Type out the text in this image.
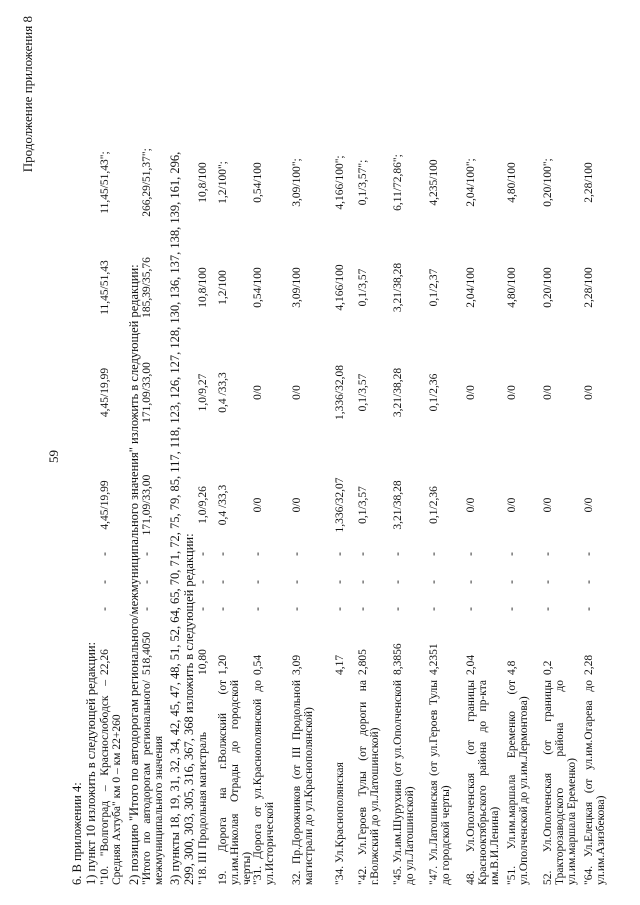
59
Продолжение приложения 8
6. В приложении 4: 1) пункт 10 изложить в следующей редакции: "10. "Волгоград – Краснослободск – Средняя Ахтуба" км 0 – км 22+260
22,26
-
-
-
4,45/19,99
4,45/19,99
11,45/51,43
11,45/51,43";
2) позицию "Итого по автодорогам регионального/межмуниципального значения" изложить в следующей редакции: "Итого по автодорогам регионального/ межмуниципального значения
518,4050
-
-
-
171,09/33,00
171,09/33,00
185,39/35,76
266,29/51,37"; 3) пункты 18, 19, 31, 32, 34, 42, 45, 47, 48, 51, 52, 64, 65, 70, 71, 72, 75, 79, 85, 117, 118, 123, 126, 127, 128, 130, 136, 137, 138, 139, 161, 296, 299, 300, 303, 305, 316, 367, 368 изложить в следующей редакции: "18. III Продольная магистраль
10,80
-
-
-
1,0/9,26
1,0/9,27
10,8/100
10,8/100
19. Дорога на г.Волжский (от ул.им.Николая Отрады до городской черты)
1,20
-
-
-
0,4 /33,3
0,4 /33,3
1,2/100
1,2/100";
"31. Дорога от ул.Краснополянской до ул.Исторической
0,54
-
-
-
0/0
0/0
0,54/100
0,54/100
32. Пр.Дорожников (от III Продольной магистрали до ул.Краснополянской)
3,09
-
-
-
0/0
0/0
3,09/100
3,09/100";
"34. Ул.Краснополянская
4,17
-
-
-
1,336/32,07
1,336/32,08
4,166/100
4,166/100";
"42. Ул.Героев Тулы (от дороги на г.Волжский до ул.Латошинской)
2,805
-
-
-
0,1/3,57
0,1/3,57
0,1/3,57
0,1/3,57";
"45. Ул.им.Шурухина (от ул.Ополченской до ул.Латошинской)
8,3856
-
-
-
3,21/38,28
3,21/38,28
3,21/38,28
6,11/72,86";
"47. Ул.Латошинская (от ул.Героев Тулы до городской черты)
4,2351
-
-
-
0,1/2,36
0,1/2,36
0,1/2,37
4,235/100
48. Ул.Ополченская (от границы Краснооктябрьского района до пр-кта им.В.И.Ленина)
2,04
-
-
-
0/0
0/0
2,04/100
2,04/100";
"51. Ул.им.маршала Еременко (от ул.Ополченской до ул.им.Лермонтова)
4,8
-
-
-
0/0
0/0
4,80/100
4,80/100
52. Ул.Ополченская (от границы Тракторозаводского района до ул.им.маршала Еременко)
0,2
-
-
-
0/0
0/0
0,20/100
0,20/100";
"64. Ул.Елецкая (от ул.им.Огарева до ул.им.Азизбекова)
2,28
-
-
-
0/0
0/0
2,28/100
2,28/100
